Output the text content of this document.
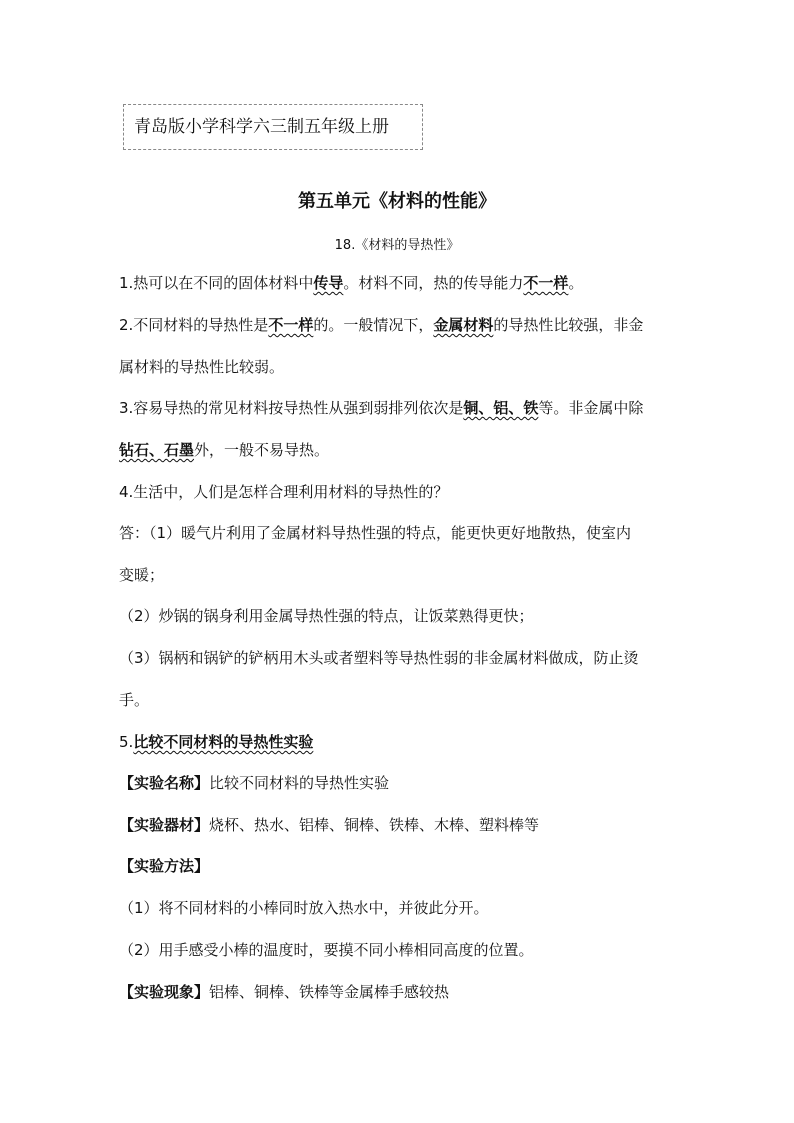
青岛版小学科学六三制五年级上册
第五单元《材料的性能》
18.《材料的导热性》
1.热可以在不同的固体材料中传导。材料不同，热的传导能力不一样。
2.不同材料的导热性是不一样的。一般情况下，金属材料的导热性比较强，非金
属材料的导热性比较弱。
3.容易导热的常见材料按导热性从强到弱排列依次是铜、铝、铁等。非金属中除
钻石、石墨外，一般不易导热。
4.生活中，人们是怎样合理利用材料的导热性的？
答：（1）暖气片利用了金属材料导热性强的特点，能更快更好地散热，使室内
变暖；
（2）炒锅的锅身利用金属导热性强的特点，让饭菜熟得更快；
（3）锅柄和锅铲的铲柄用木头或者塑料等导热性弱的非金属材料做成，防止烫
手。
5.比较不同材料的导热性实验
【实验名称】比较不同材料的导热性实验
【实验器材】烧杯、热水、铝棒、铜棒、铁棒、木棒、塑料棒等
【实验方法】
（1）将不同材料的小棒同时放入热水中，并彼此分开。
（2）用手感受小棒的温度时，要摸不同小棒相同高度的位置。
【实验现象】铝棒、铜棒、铁棒等金属棒手感较热
